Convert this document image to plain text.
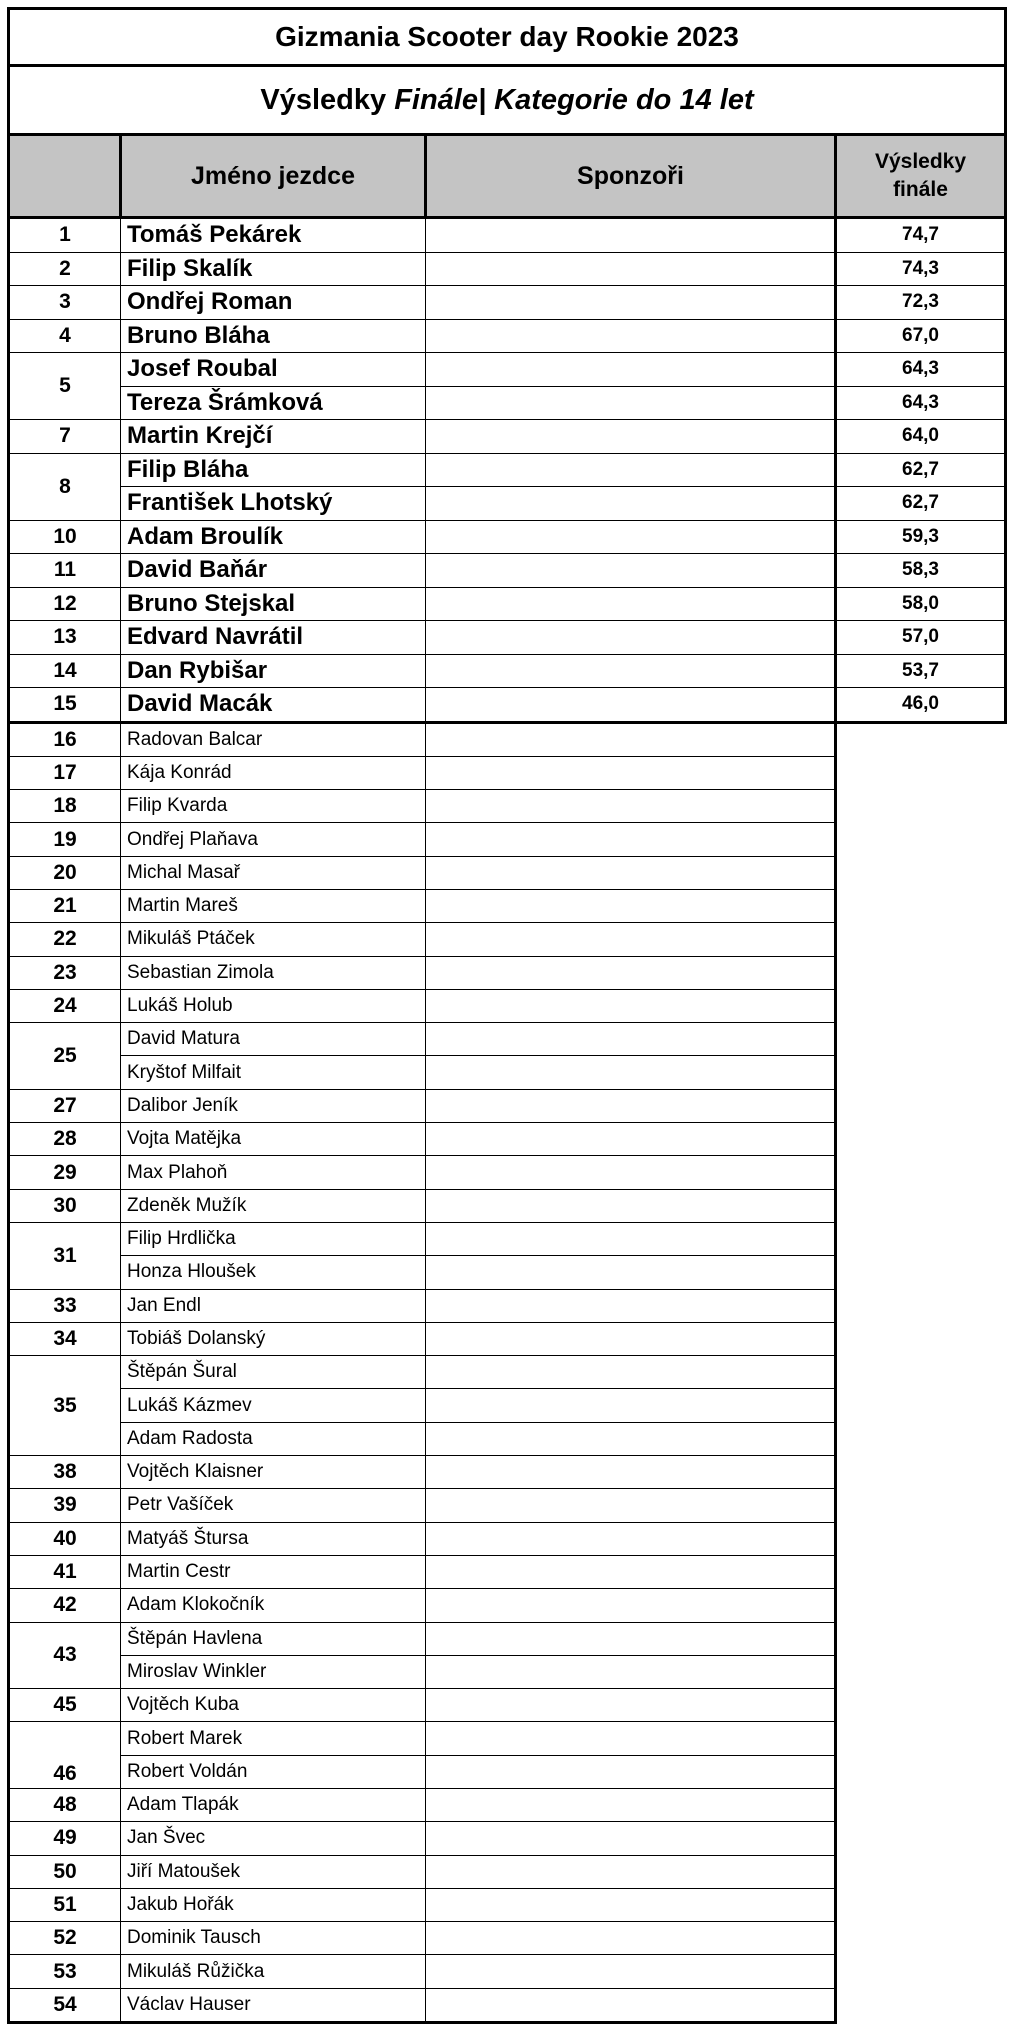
Gizmania Scooter day Rookie 2023			
Výsledky Finále| Kategorie do 14 let			
	Jméno jezdce	Sponzoři	Výsledky
finále
1	Tomáš Pekárek		74,7
2	Filip Skalík		74,3
3	Ondřej Roman		72,3
4	Bruno Bláha		67,0
5	Josef Roubal		64,3
	Tereza Šrámková		64,3
7	Martin Krejčí		64,0
8	Filip Bláha		62,7
	František Lhotský		62,7
10	Adam Broulík		59,3
11	David Baňár		58,3
12	Bruno Stejskal		58,0
13	Edvard Navrátil		57,0
14	Dan Rybišar		53,7
15	David Macák		46,0
16	Radovan Balcar		
17	Kája Konrád		
18	Filip Kvarda		
19	Ondřej Plaňava		
20	Michal Masař		
21	Martin Mareš		
22	Mikuláš Ptáček		
23	Sebastian Zimola		
24	Lukáš Holub		
25	David Matura		
	Kryštof Milfait		
27	Dalibor Jeník		
28	Vojta Matějka		
29	Max Plahoň		
30	Zdeněk Mužík		
31	Filip Hrdlička		
	Honza Hloušek		
33	Jan Endl		
34	Tobiáš Dolanský		
35	Štěpán Šural		
	Lukáš Kázmev		
	Adam Radosta		
38	Vojtěch Klaisner		
39	Petr Vašíček		
40	Matyáš Štursa		
41	Martin Cestr		
42	Adam Klokočník		
43	Štěpán Havlena		
	Miroslav Winkler		
45	Vojtěch Kuba		
46	Robert Marek		
	Robert Voldán		
48	Adam Tlapák		
49	Jan Švec		
50	Jiří Matoušek		
51	Jakub Hořák		
52	Dominik Tausch		
53	Mikuláš Růžička		
54	Václav Hauser		
